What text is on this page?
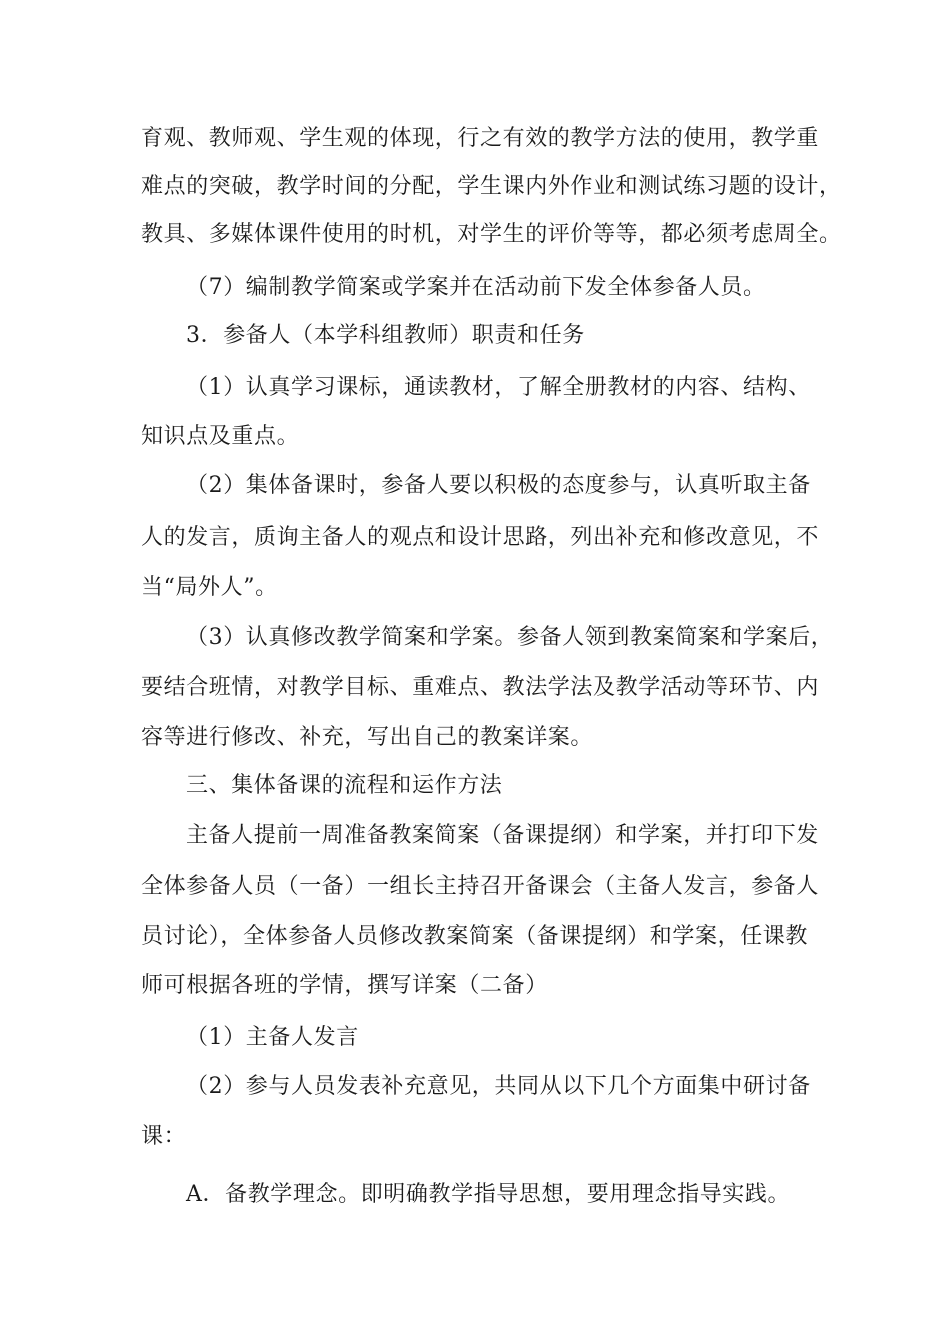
育观、教师观、学生观的体现，行之有效的教学方法的使用，教学重
难点的突破，教学时间的分配，学生课内外作业和测试练习题的设计，
教具、多媒体课件使用的时机，对学生的评价等等，都必须考虑周全。
（7）编制教学简案或学案并在活动前下发全体参备人员。
3．参备人（本学科组教师）职责和任务
（1）认真学习课标，通读教材，了解全册教材的内容、结构、
知识点及重点。
（2）集体备课时，参备人要以积极的态度参与，认真听取主备
人的发言，质询主备人的观点和设计思路，列出补充和修改意见，不
当“局外人”。
（3）认真修改教学简案和学案。参备人领到教案简案和学案后，
要结合班情，对教学目标、重难点、教法学法及教学活动等环节、内
容等进行修改、补充，写出自己的教案详案。
三、集体备课的流程和运作方法
主备人提前一周准备教案简案（备课提纲）和学案，并打印下发
全体参备人员（一备）一组长主持召开备课会（主备人发言，参备人
员讨论），全体参备人员修改教案简案（备课提纲）和学案，任课教
师可根据各班的学情，撰写详案（二备）
（1）主备人发言
（2）参与人员发表补充意见，共同从以下几个方面集中研讨备
课：
A．备教学理念。即明确教学指导思想，要用理念指导实践。
